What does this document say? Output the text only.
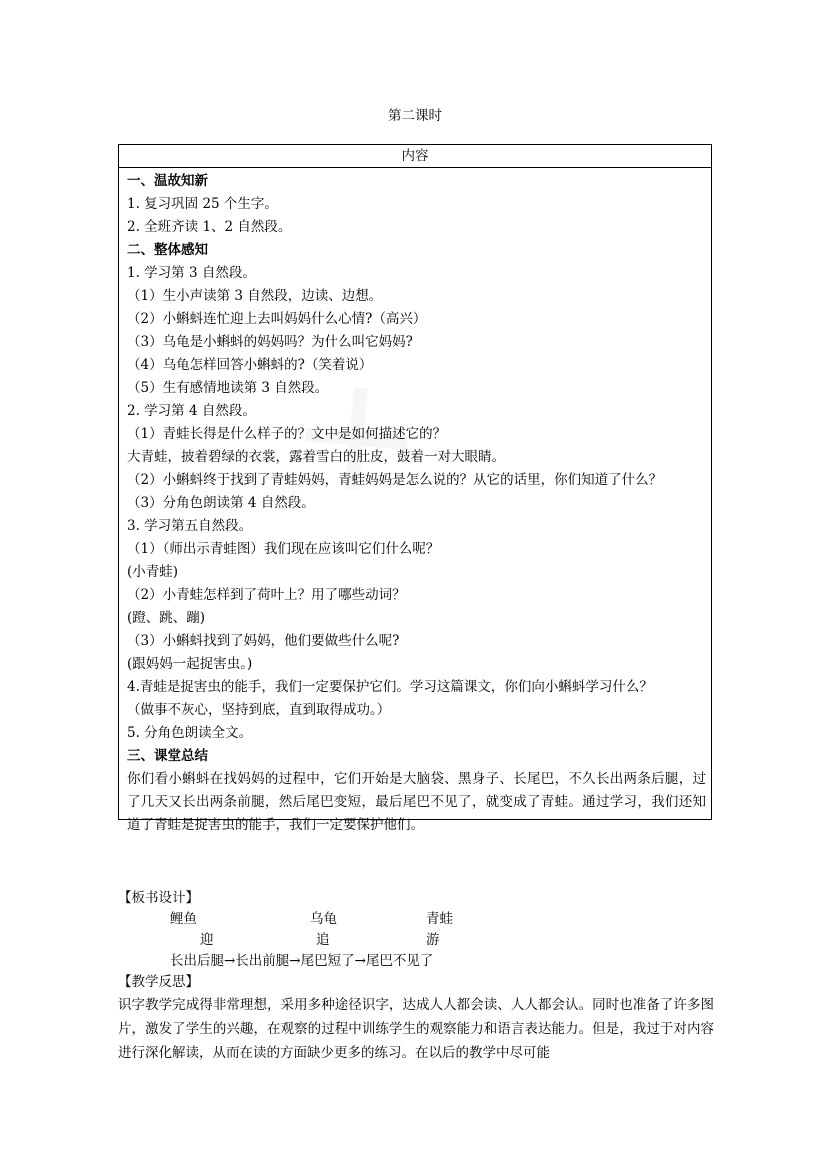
第二课时
内容
一、温故知新
1. 复习巩固 25 个生字。
2. 全班齐读 1、2 自然段。
二、整体感知
1. 学习第 3 自然段。
（1）生小声读第 3 自然段，边读、边想。
（2）小蝌蚪连忙迎上去叫妈妈什么心情?（高兴）
（3）乌龟是小蝌蚪的妈妈吗？为什么叫它妈妈?
（4）乌龟怎样回答小蝌蚪的?（笑着说）
（5）生有感情地读第 3 自然段。
2. 学习第 4 自然段。
（1）青蛙长得是什么样子的？文中是如何描述它的？
大青蛙，披着碧绿的衣裳，露着雪白的肚皮，鼓着一对大眼睛。
（2）小蝌蚪终于找到了青蛙妈妈，青蛙妈妈是怎么说的？从它的话里，你们知道了什么？
（3）分角色朗读第 4 自然段。
3. 学习第五自然段。
（1）（师出示青蛙图）我们现在应该叫它们什么呢？
(小青蛙)
（2）小青蛙怎样到了荷叶上？用了哪些动词？
(蹬、跳、蹦)
（3）小蝌蚪找到了妈妈，他们要做些什么呢?
(跟妈妈一起捉害虫。)
4.青蛙是捉害虫的能手，我们一定要保护它们。学习这篇课文，你们向小蝌蚪学习什么？
（做事不灰心，坚持到底，直到取得成功。）
5. 分角色朗读全文。
三、课堂总结
你们看小蝌蚪在找妈妈的过程中，它们开始是大脑袋、黑身子、长尾巴，不久长出两条后腿，过了几天又长出两条前腿，然后尾巴变短，最后尾巴不见了，就变成了青蛙。通过学习，我们还知道了青蛙是捉害虫的能手，我们一定要保护他们。
【板书设计】
鲤鱼	乌龟	青蛙
迎	追	游
长出后腿→长出前腿→尾巴短了→尾巴不见了
【教学反思】
识字教学完成得非常理想，采用多种途径识字，达成人人都会读、人人都会认。同时也准备了许多图片，激发了学生的兴趣，在观察的过程中训练学生的观察能力和语言表达能力。但是，我过于对内容进行深化解读，从而在读的方面缺少更多的练习。在以后的教学中尽可能
